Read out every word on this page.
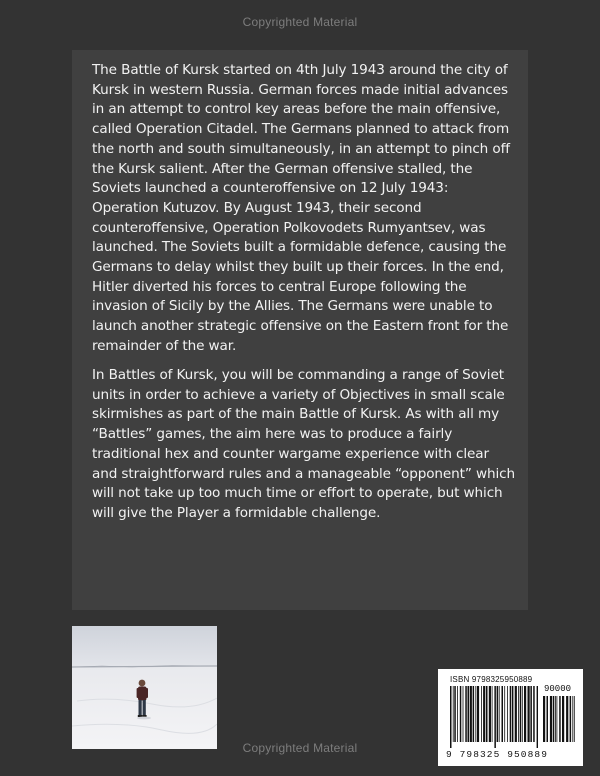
Copyrighted Material

The Battle of Kursk started on 4th July 1943 around the city of Kursk in western Russia. German forces made initial advances in an attempt to control key areas before the main offensive, called Operation Citadel. The Germans planned to attack from the north and south simultaneously, in an attempt to pinch off the Kursk salient. After the German offensive stalled, the Soviets launched a counteroffensive on 12 July 1943: Operation Kutuzov. By August 1943, their second counteroffensive, Operation Polkovodets Rumyantsev, was launched. The Soviets built a formidable defence, causing the Germans to delay whilst they built up their forces. In the end, Hitler diverted his forces to central Europe following the invasion of Sicily by the Allies. The Germans were unable to launch another strategic offensive on the Eastern front for the remainder of the war.

In Battles of Kursk, you will be commanding a range of Soviet units in order to achieve a variety of Objectives in small scale skirmishes as part of the main Battle of Kursk. As with all my “Battles” games, the aim here was to produce a fairly traditional hex and counter wargame experience with clear and straightforward rules and a manageable “opponent” which will not take up too much time or effort to operate, but which will give the Player a formidable challenge.

ISBN 9798325950889
90000
9 798325 950889
Copyrighted Material
